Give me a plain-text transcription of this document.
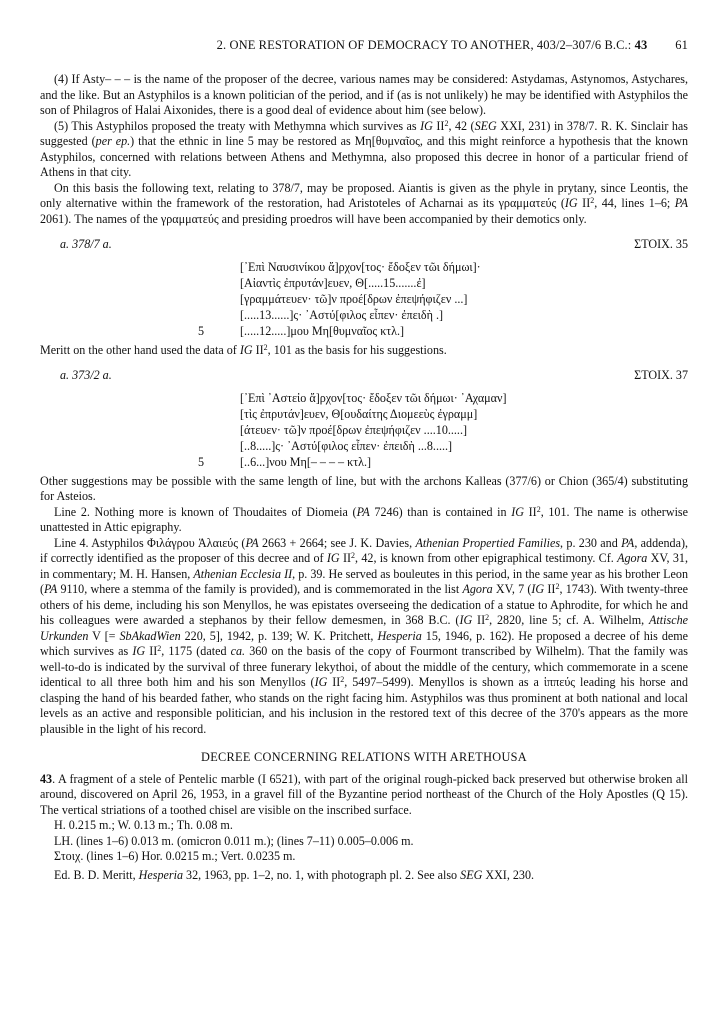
2. ONE RESTORATION OF DEMOCRACY TO ANOTHER, 403/2–307/6 B.C.: 43 61

(4) If Asty– – – is the name of the proposer of the decree, various names may be considered: Astydamas, Astynomos, Astychares, and the like. But an Astyphilos is a known politician of the period, and if (as is not unlikely) he may be identified with Astyphilos the son of Philagros of Halai Aixonides, there is a good deal of evidence about him (see below).

(5) This Astyphilos proposed the treaty with Methymna which survives as IG $II^2$, 42 (SEG XXI, 231) in 378/7. R. K. Sinclair has suggested (per ep.) that the ethnic in line 5 may be restored as Μη[θυμναῖος, and this might reinforce a hypothesis that the known Astyphilos, concerned with relations between Athens and Methymna, also proposed this decree in honor of a particular friend of Athens in that city.

On this basis the following text, relating to 378/7, may be proposed. Aiantis is given as the phyle in prytany, since Leontis, the only alternative within the framework of the restoration, had Aristoteles of Acharnai as its γραμματεύς (IG $II^2$, 44, lines 1–6; PA 2061). The names of the γραμματεύς and presiding proedros will have been accompanied by their demotics only.

a. 378/7 a.	ΣΤΟΙΧ. 35
[᾿Επὶ Ναυσινίκου ἄ]ρχον[τος· ἔδοξεν τῶι δήμωι]·
[Αἰαντὶς ἐπρυτάν]ευεν, Θ[.....15.......ἐ]
[γραμμάτευεν· τῶ]ν προέ[δρων ἐπεψήφιζεν ...]
[.....13......]ς· ᾿Αστύ[φιλος εἶπεν· ἐπειδὴ .]
5	[.....12.....]μου Μη[θυμναῖος κτλ.]

Meritt on the other hand used the data of IG $II^2$, 101 as the basis for his suggestions.

a. 373/2 a.	ΣΤΟΙΧ. 37
[᾿Επὶ ᾿Αστεἰο ἄ]ρχον[τος· ἔδοξεν τῶι δήμωι· ᾿Αχαμαν]
[τὶς ἐπρυτάν]ευεν, Θ[ουδαίτης Διομεεὺς ἐγραμμ]
[άτευεν· τῶ]ν προέ[δρων ἐπεψήφιζεν ....10.....]
[..8.....]ς· ᾿Αστύ[φιλος εἶπεν· ἐπειδὴ ...8.....]
5	[..6...]νου Μη[– – – – κτλ.]

Other suggestions may be possible with the same length of line, but with the archons Kalleas (377/6) or Chion (365/4) substituting for Asteios.

Line 2. Nothing more is known of Thoudaites of Diomeia (PA 7246) than is contained in IG $II^2$, 101. The name is otherwise unattested in Attic epigraphy.

Line 4. Astyphilos Φιλάγρου Ἁλαιεύς (PA 2663 + 2664; see J. K. Davies, Athenian Propertied Families, p. 230 and PA, addenda), if correctly identified as the proposer of this decree and of IG $II^2$, 42, is known from other epigraphical testimony. Cf. Agora XV, 31, in commentary; M. H. Hansen, Athenian Ecclesia II, p. 39. He served as bouleutes in this period, in the same year as his brother Leon (PA 9110, where a stemma of the family is provided), and is commemorated in the list Agora XV, 7 (IG $II^2$, 1743). With twenty-three others of his deme, including his son Menyllos, he was epistates overseeing the dedication of a statue to Aphrodite, for which he and his colleagues were awarded a stephanos by their fellow demesmen, in 368 B.C. (IG $II^2$, 2820, line 5; cf. A. Wilhelm, Attische Urkunden V [= SbAkadWien 220, 5], 1942, p. 139; W. K. Pritchett, Hesperia 15, 1946, p. 162). He proposed a decree of his deme which survives as IG $II^2$, 1175 (dated ca. 360 on the basis of the copy of Fourmont transcribed by Wilhelm). That the family was well-to-do is indicated by the survival of three funerary lekythoi, of about the middle of the century, which commemorate in a scene identical to all three both him and his son Menyllos (IG $II^2$, 5497–5499). Menyllos is shown as a ἱππεύς leading his horse and clasping the hand of his bearded father, who stands on the right facing him. Astyphilos was thus prominent at both national and local levels as an active and responsible politician, and his inclusion in the restored text of this decree of the 370's appears as the more plausible in the light of his record.

DECREE CONCERNING RELATIONS WITH ARETHOUSA

43. A fragment of a stele of Pentelic marble (I 6521), with part of the original rough-picked back preserved but otherwise broken all around, discovered on April 26, 1953, in a gravel fill of the Byzantine period northeast of the Church of the Holy Apostles (Q 15). The vertical striations of a toothed chisel are visible on the inscribed surface.

H. 0.215 m.; W. 0.13 m.; Th. 0.08 m.
LH. (lines 1–6) 0.013 m. (omicron 0.011 m.); (lines 7–11) 0.005–0.006 m.
Στοιχ. (lines 1–6) Hor. 0.0215 m.; Vert. 0.0235 m.
Ed. B. D. Meritt, Hesperia 32, 1963, pp. 1–2, no. 1, with photograph pl. 2. See also SEG XXI, 230.
